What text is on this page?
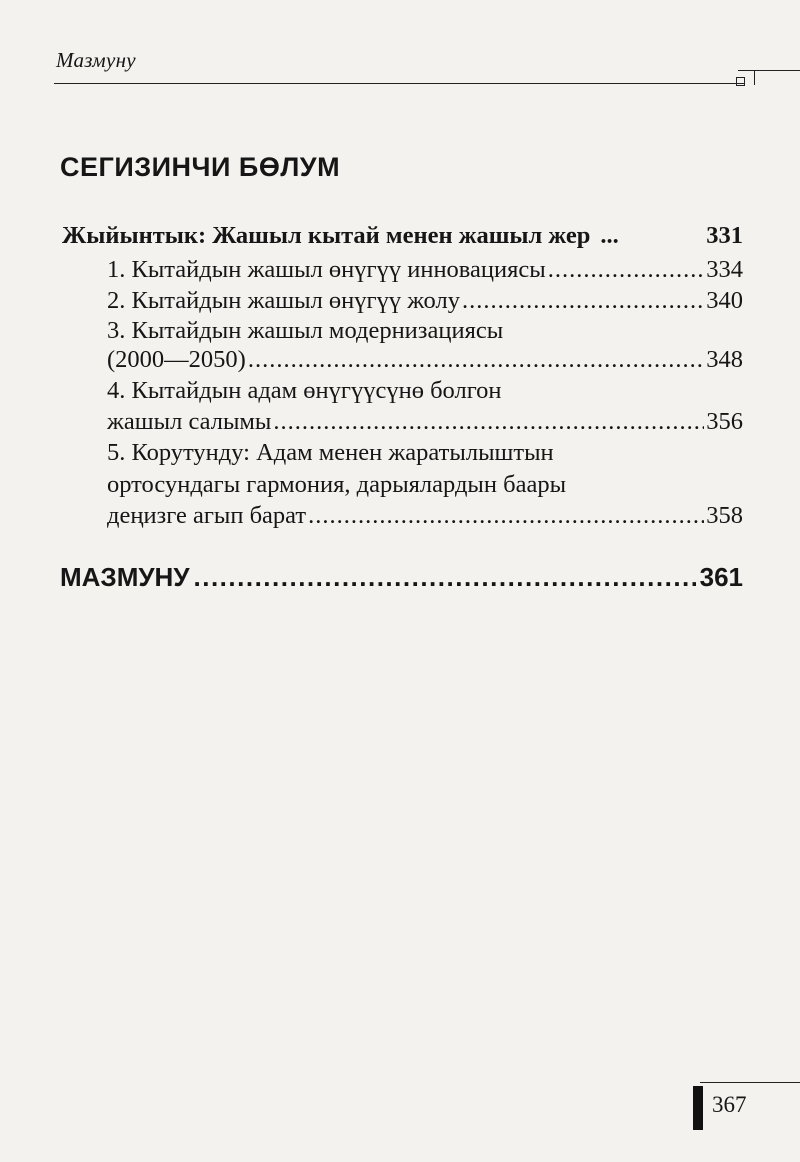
Мазмуну
СЕГИЗИНЧИ БӨЛУМ
Жыйынтык: Жашыл кытай менен жашыл жер ...	331
1. Кытайдын жашыл өнүгүү инновациясы .....	334
2. Кытайдын жашыл өнүгүү жолу .....	340
3. Кытайдын жашыл модернизациясы
(2000—2050) .....	348
4. Кытайдын адам өнүгүүсүнө болгон
жашыл салымы .....	356
5. Корутунду: Адам менен жаратылыштын
ортосундагы гармония, дарыялардын баары
деңизге агып барат .....	358
МАЗМУНУ .....	361
367
